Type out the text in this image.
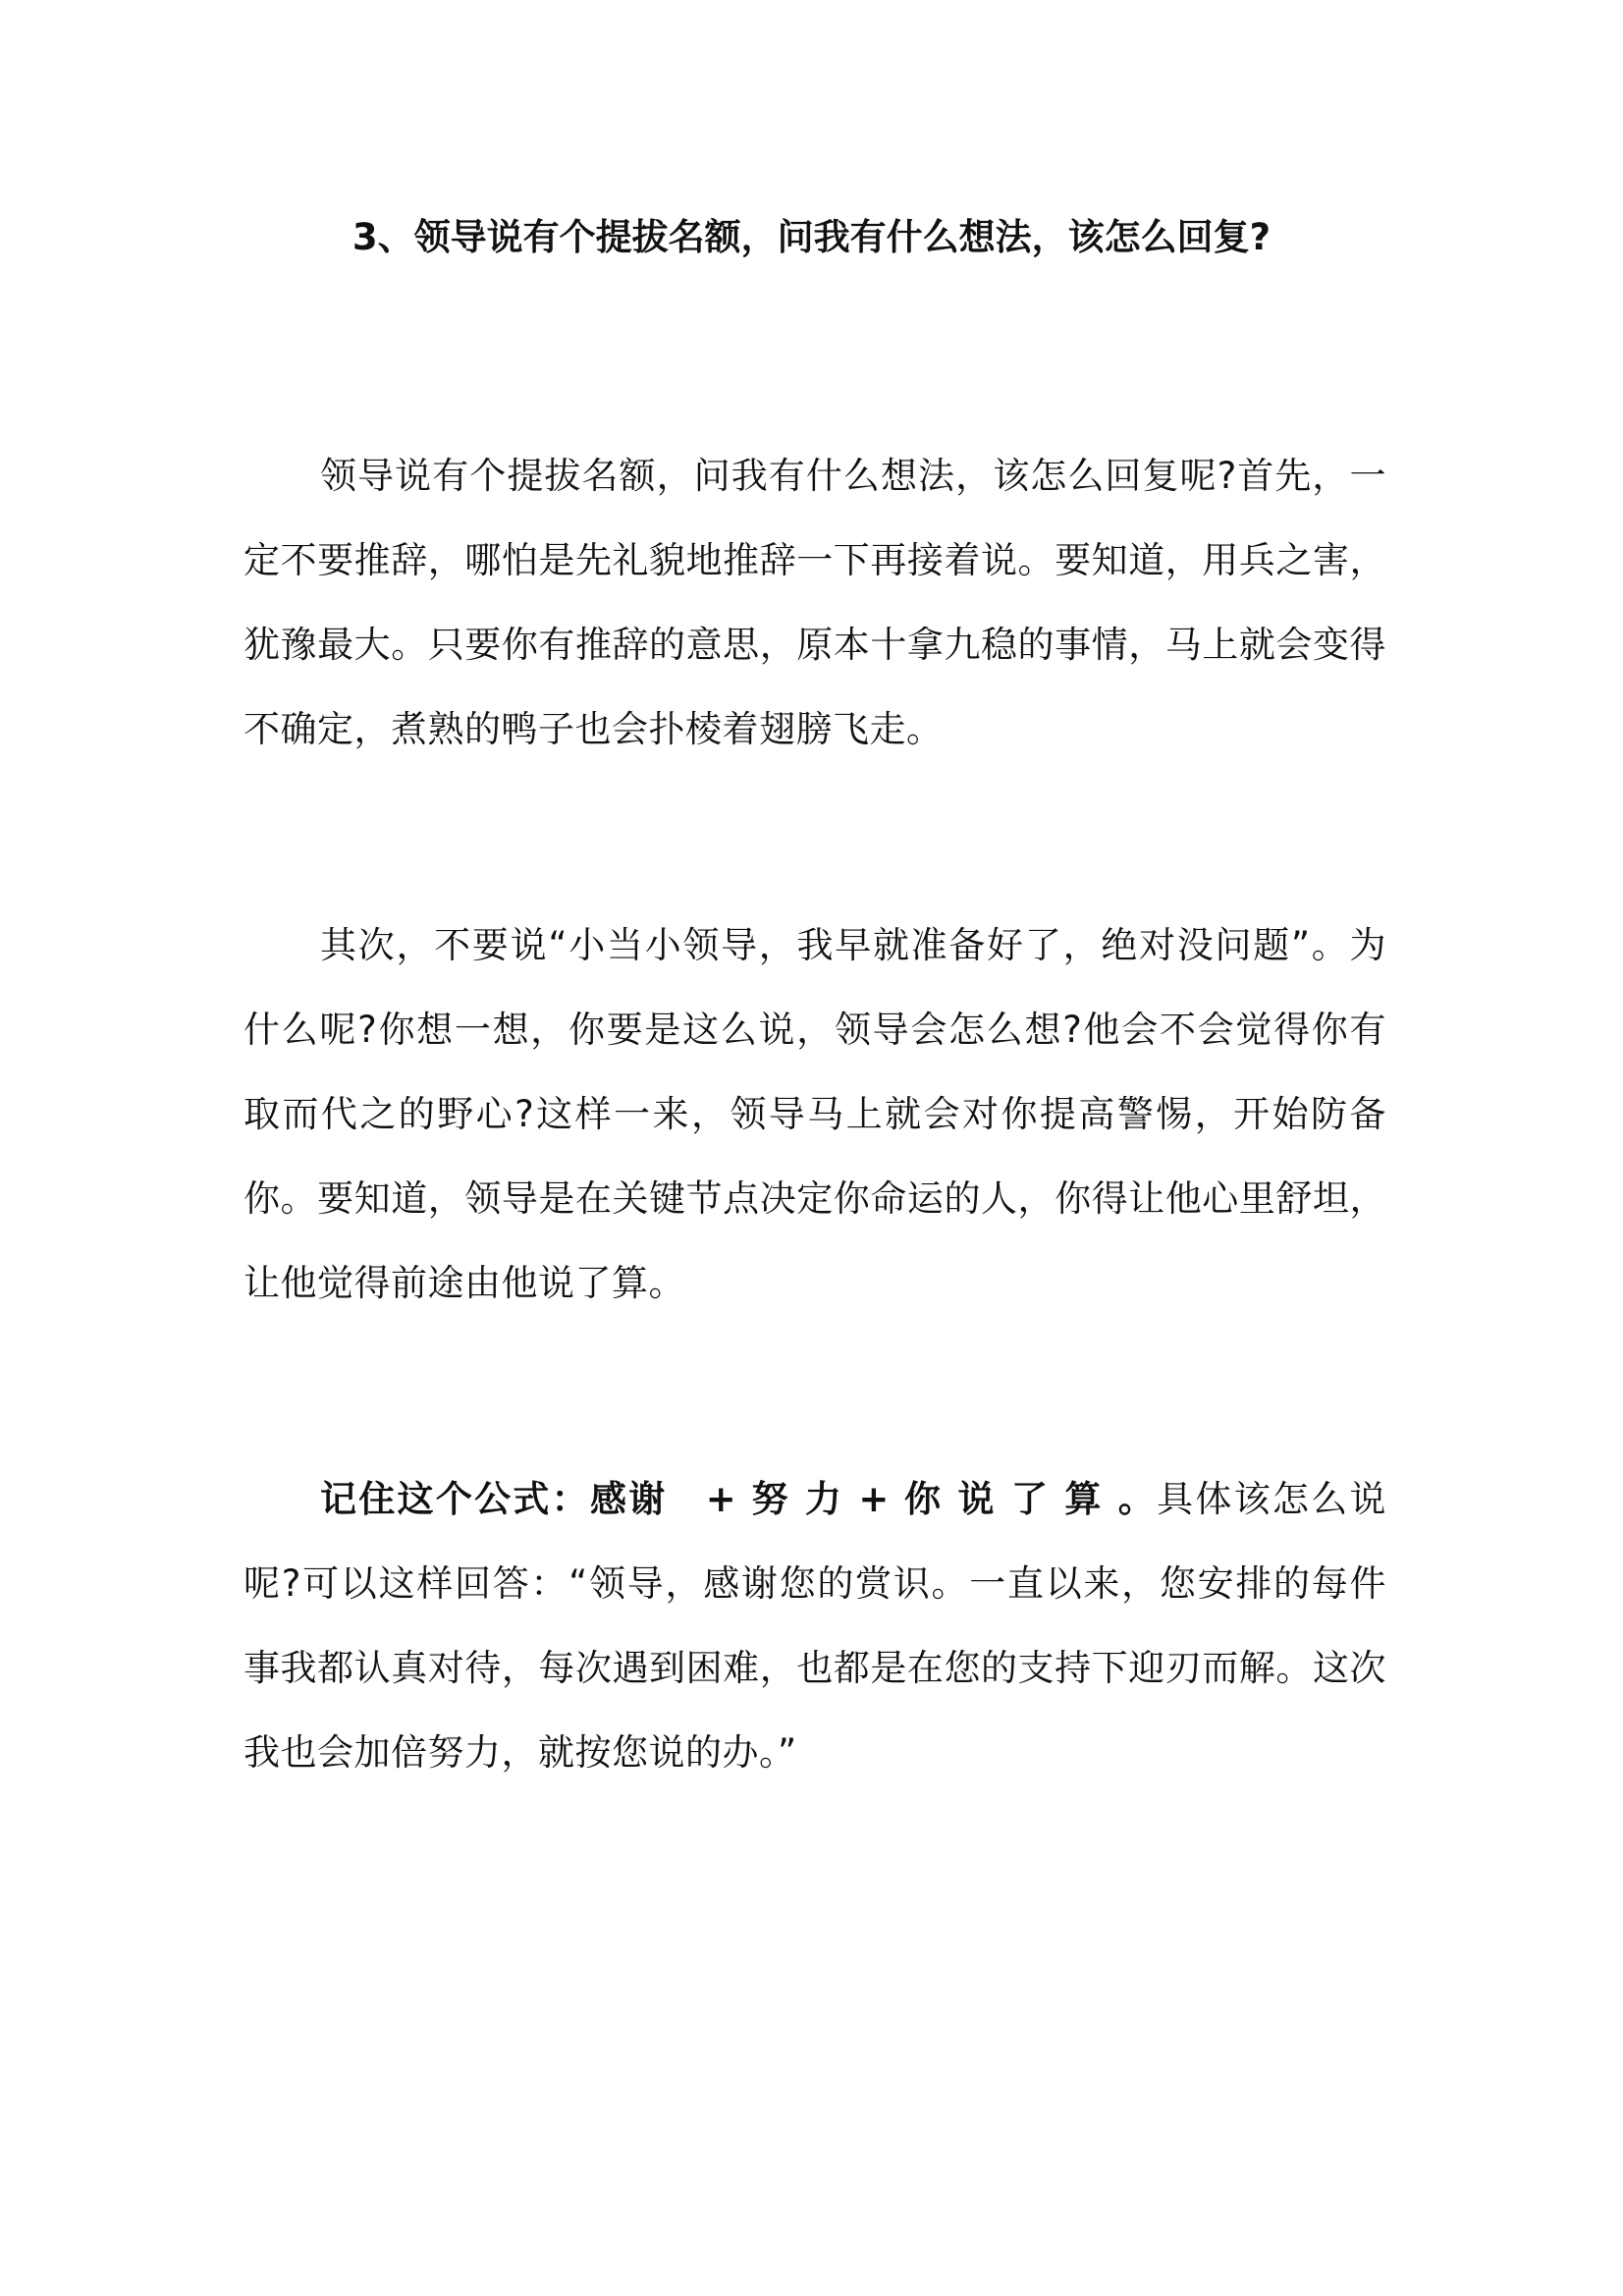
3、领导说有个提拔名额，问我有什么想法，该怎么回复?

领导说有个提拔名额，问我有什么想法，该怎么回复呢?首先，一定不要推辞，哪怕是先礼貌地推辞一下再接着说。要知道，用兵之害，犹豫最大。只要你有推辞的意思，原本十拿九稳的事情，马上就会变得不确定，煮熟的鸭子也会扑棱着翅膀飞走。

其次，不要说“小当小领导，我早就准备好了，绝对没问题”。为什么呢?你想一想，你要是这么说，领导会怎么想?他会不会觉得你有取而代之的野心?这样一来，领导马上就会对你提高警惕，开始防备你。要知道，领导是在关键节点决定你命运的人，你得让他心里舒坦，让他觉得前途由他说了算。

记住这个公式：感谢　+ 努 力 + 你 说 了 算 。具体该怎么说呢?可以这样回答：“领导，感谢您的赏识。一直以来，您安排的每件事我都认真对待，每次遇到困难，也都是在您的支持下迎刃而解。这次我也会加倍努力，就按您说的办。”
